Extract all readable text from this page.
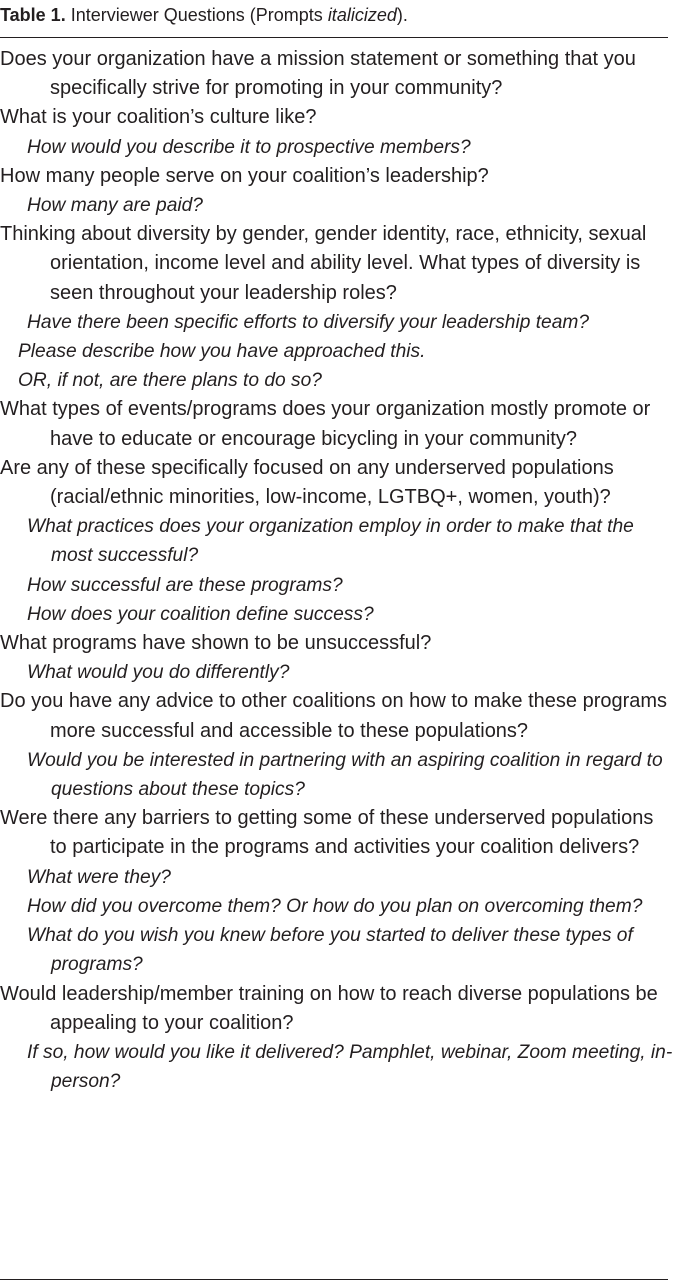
Table 1. Interviewer Questions (Prompts italicized).
Does your organization have a mission statement or something that you specifically strive for promoting in your community?
What is your coalition’s culture like?
How would you describe it to prospective members?
How many people serve on your coalition’s leadership?
How many are paid?
Thinking about diversity by gender, gender identity, race, ethnicity, sexual orientation, income level and ability level. What types of diversity is seen throughout your leadership roles?
Have there been specific efforts to diversify your leadership team?
Please describe how you have approached this.
OR, if not, are there plans to do so?
What types of events/programs does your organization mostly promote or have to educate or encourage bicycling in your community?
Are any of these specifically focused on any underserved populations (racial/ethnic minorities, low-income, LGTBQ+, women, youth)?
What practices does your organization employ in order to make that the most successful?
How successful are these programs?
How does your coalition define success?
What programs have shown to be unsuccessful?
What would you do differently?
Do you have any advice to other coalitions on how to make these programs more successful and accessible to these populations?
Would you be interested in partnering with an aspiring coalition in regard to questions about these topics?
Were there any barriers to getting some of these underserved populations to participate in the programs and activities your coalition delivers?
What were they?
How did you overcome them? Or how do you plan on overcoming them?
What do you wish you knew before you started to deliver these types of programs?
Would leadership/member training on how to reach diverse populations be appealing to your coalition?
If so, how would you like it delivered? Pamphlet, webinar, Zoom meeting, in-person?
